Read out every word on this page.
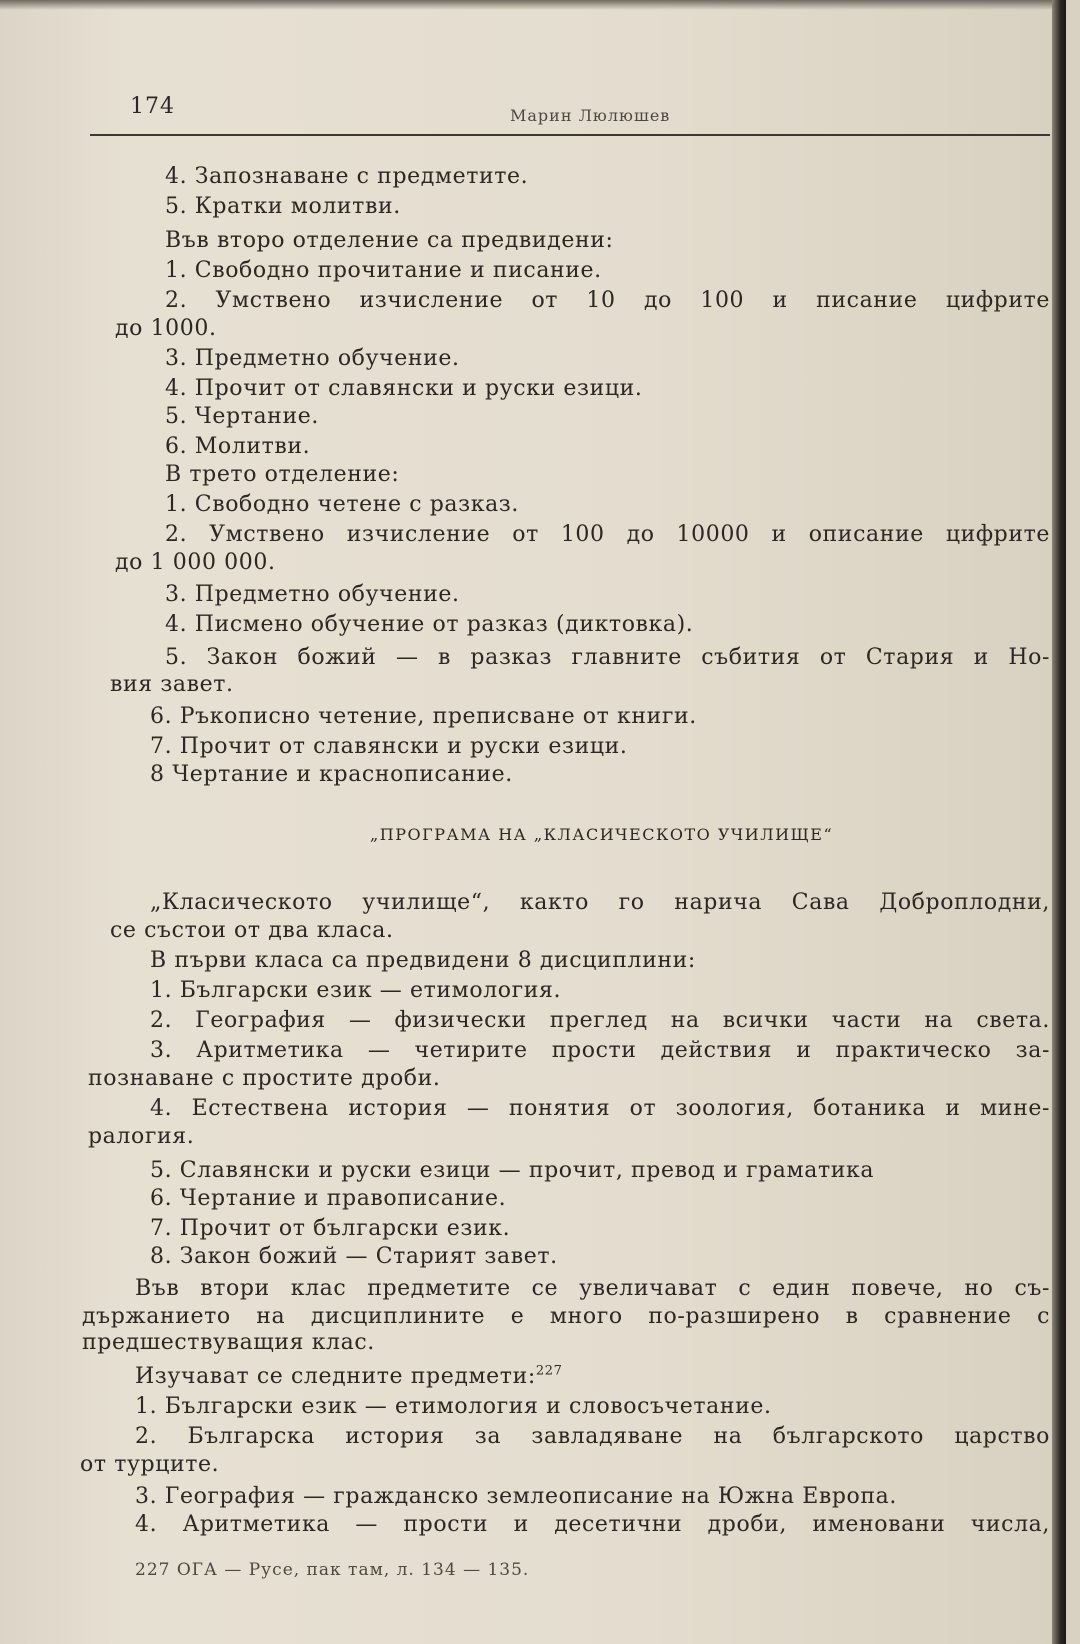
174	Марин Люлюшев
4. Запознаване с предметите.
5. Кратки молитви.
Във второ отделение са предвидени:
1. Свободно прочитание и писание.
2. Умствено изчисление от 10 до 100 и писание цифрите
до 1000.
3. Предметно обучение.
4. Прочит от славянски и руски езици.
5. Чертание.
6. Молитви.
В трето отделение:
1. Свободно четене с разказ.
2. Умствено изчисление от 100 до 10000 и описание цифрите
до 1 000 000.
3. Предметно обучение.
4. Писмено обучение от разказ (диктовка).
5. Закон божий — в разказ главните събития от Стария и Но-
вия завет.
6. Ръкописно четение, преписване от книги.
7. Прочит от славянски и руски езици.
8 Чертание и краснописание.
„ПРОГРАМА НА „КЛАСИЧЕСКОТО УЧИЛИЩЕ“
„Класическото училище“, както го нарича Сава Доброплодни,
се състои от два класа.
В първи класа са предвидени 8 дисциплини:
1. Български език — етимология.
2. География — физически преглед на всички части на света.
3. Аритметика — четирите прости действия и практическо за-
познаване с простите дроби.
4. Естествена история — понятия от зоология, ботаника и мине-
ралогия.
5. Славянски и руски езици — прочит, превод и граматика
6. Чертание и правописание.
7. Прочит от български език.
8. Закон божий — Старият завет.
Във втори клас предметите се увеличават с един повече, но съ-
държанието на дисциплините е много по-разширено в сравнение с
предшествуващия клас.
Изучават се следните предмети:$^{227}$
1. Български език — етимология и словосъчетание.
2. Българска история за завладяване на българското царство
от турците.
3. География — гражданско землеописание на Южна Европа.
4. Аритметика — прости и десетични дроби, именовани числа,
227 ОГА — Русе, пак там, л. 134 — 135.
